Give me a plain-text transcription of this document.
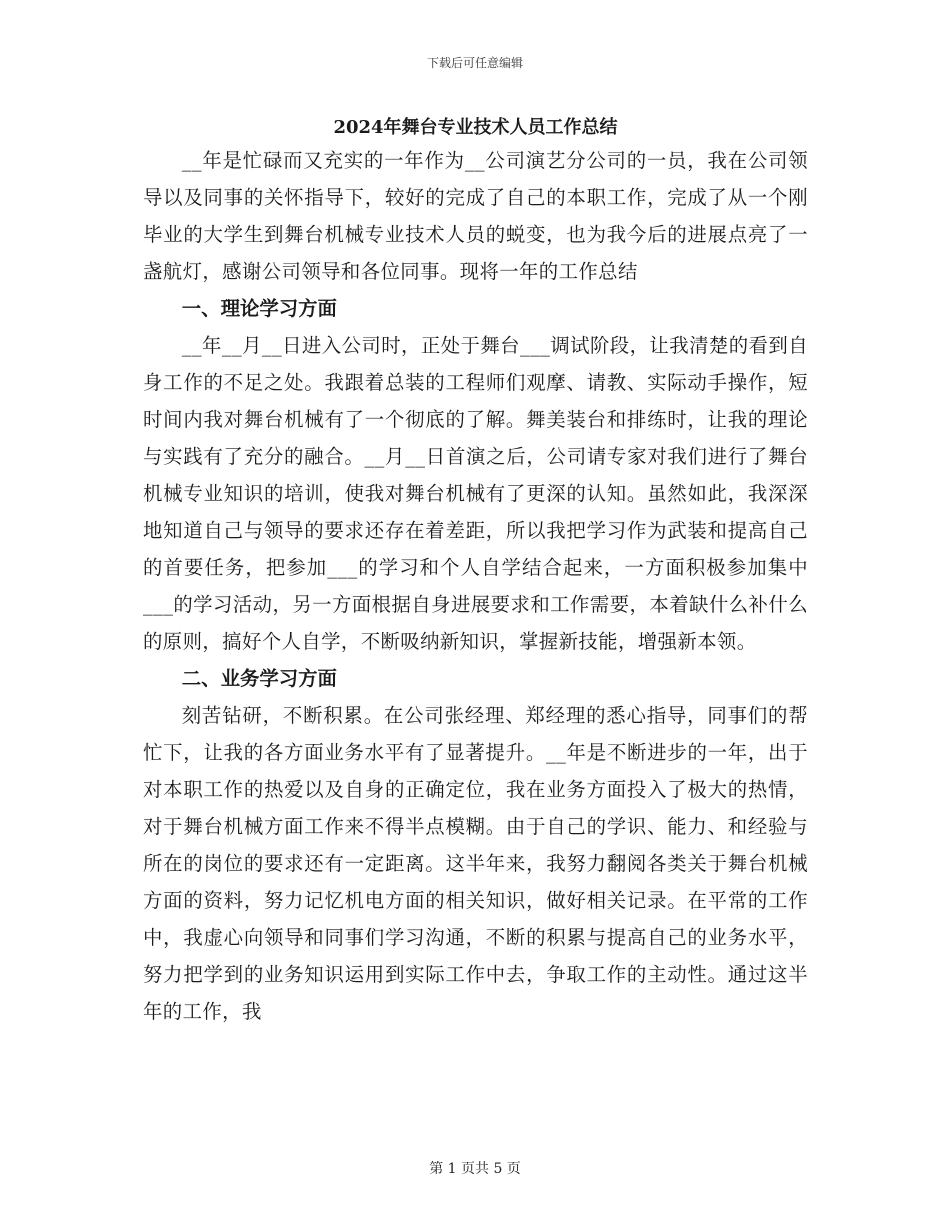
下载后可任意编辑
2024年舞台专业技术人员工作总结

__年是忙碌而又充实的一年作为__公司演艺分公司的一员，我在公司领导以及同事的关怀指导下，较好的完成了自己的本职工作，完成了从一个刚毕业的大学生到舞台机械专业技术人员的蜕变，也为我今后的进展点亮了一盏航灯，感谢公司领导和各位同事。现将一年的工作总结

一、理论学习方面

__年__月__日进入公司时，正处于舞台___调试阶段，让我清楚的看到自身工作的不足之处。我跟着总装的工程师们观摩、请教、实际动手操作，短时间内我对舞台机械有了一个彻底的了解。舞美装台和排练时，让我的理论与实践有了充分的融合。__月__日首演之后，公司请专家对我们进行了舞台机械专业知识的培训，使我对舞台机械有了更深的认知。虽然如此，我深深地知道自己与领导的要求还存在着差距，所以我把学习作为武装和提高自己的首要任务，把参加___的学习和个人自学结合起来，一方面积极参加集中___的学习活动，另一方面根据自身进展要求和工作需要，本着缺什么补什么的原则，搞好个人自学，不断吸纳新知识，掌握新技能，增强新本领。

二、业务学习方面

刻苦钻研，不断积累。在公司张经理、郑经理的悉心指导，同事们的帮忙下，让我的各方面业务水平有了显著提升。__年是不断进步的一年，出于对本职工作的热爱以及自身的正确定位，我在业务方面投入了极大的热情，对于舞台机械方面工作来不得半点模糊。由于自己的学识、能力、和经验与所在的岗位的要求还有一定距离。这半年来，我努力翻阅各类关于舞台机械方面的资料，努力记忆机电方面的相关知识，做好相关记录。在平常的工作中，我虚心向领导和同事们学习沟通，不断的积累与提高自己的业务水平，努力把学到的业务知识运用到实际工作中去，争取工作的主动性。通过这半年的工作，我

第 1 页共 5 页
